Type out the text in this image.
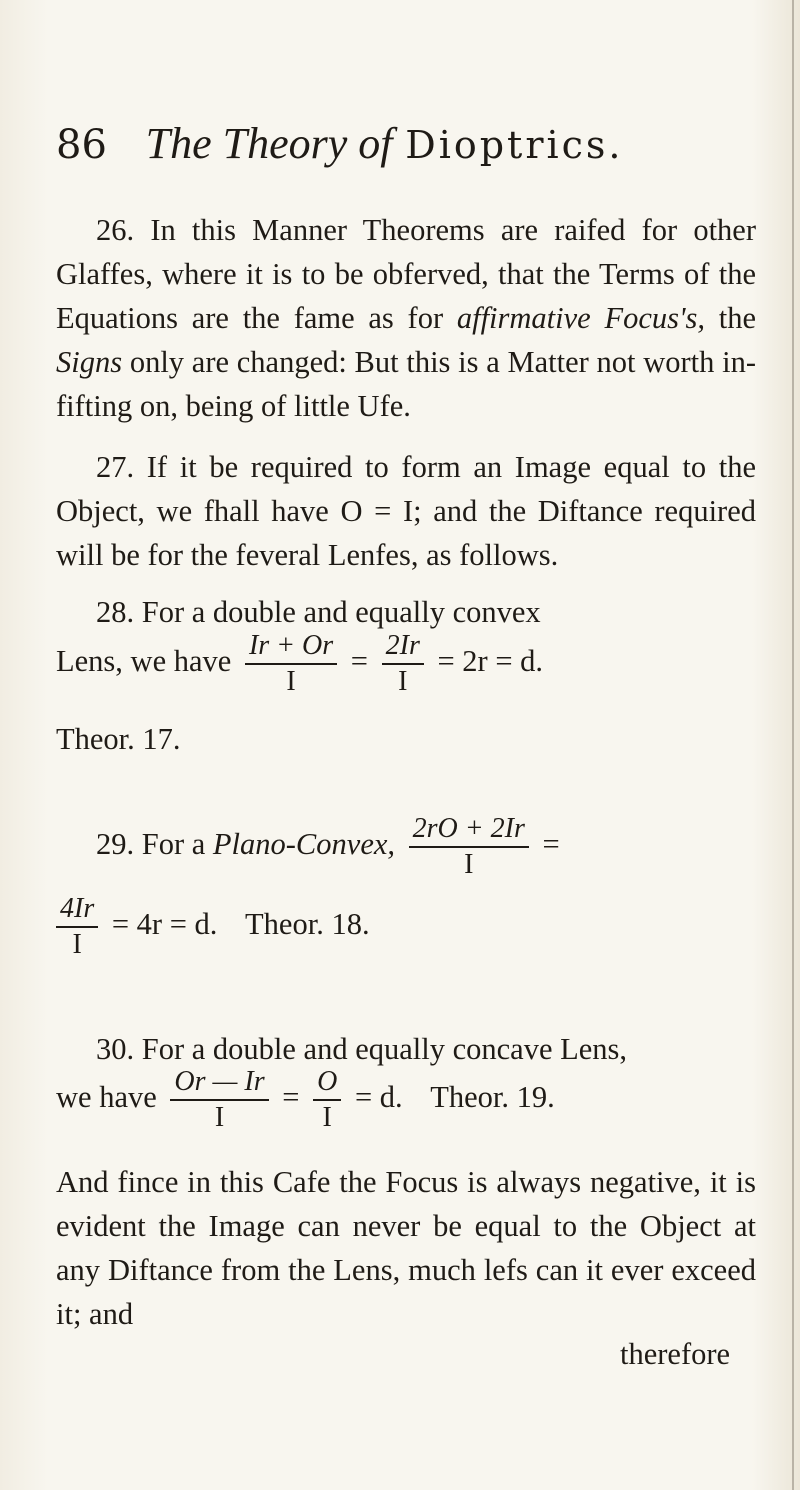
86 The Theory of Dioptrics.

26. In this Manner Theorems are raifed for other Glaffes, where it is to be obferved, that the Terms of the Equations are the fame as for affirmative Focus's, the Signs only are changed: But this is a Matter not worth in-fifting on, being of little Ufe.

27. If it be required to form an Image equal to the Object, we fhall have O = I; and the Diftance required will be for the feveral Lenfes, as follows.

28. For a double and equally convex
Lens, we have $\frac{Ir + Or}{I} = \frac{2Ir}{I} = 2r = d$.
Theor. 17.
29. For a Plano-Convex, $\frac{2rO + 2Ir}{I}$ =
$\frac{4Ir}{I} = 4r = d$. Theor. 18.
30. For a double and equally concave Lens,
we have $\frac{Or — Ir}{I} = \frac{O}{I} = d$. Theor. 19.

And fince in this Cafe the Focus is always negative, it is evident the Image can never be equal to the Object at any Diftance from the Lens, much lefs can it ever exceed it; and

therefore
